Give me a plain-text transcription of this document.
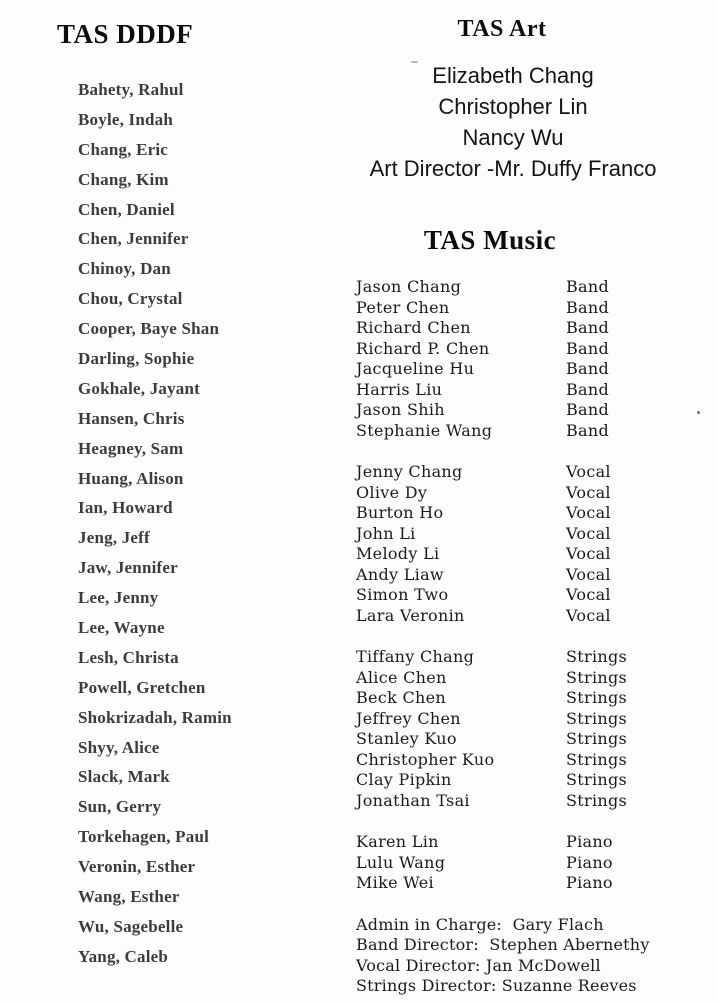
TAS DDDF
Bahety, Rahul
Boyle, Indah
Chang, Eric
Chang, Kim
Chen, Daniel
Chen, Jennifer
Chinoy, Dan
Chou, Crystal
Cooper, Baye Shan
Darling, Sophie
Gokhale, Jayant
Hansen, Chris
Heagney, Sam
Huang, Alison
Ian, Howard
Jeng, Jeff
Jaw, Jennifer
Lee, Jenny
Lee, Wayne
Lesh, Christa
Powell, Gretchen
Shokrizadah, Ramin
Shyy, Alice
Slack, Mark
Sun, Gerry
Torkehagen, Paul
Veronin, Esther
Wang, Esther
Wu, Sagebelle
Yang, Caleb
TAS Art
Elizabeth Chang
Christopher Lin
Nancy Wu
Art Director -Mr. Duffy Franco
TAS Music
Jason Chang	Band
Peter Chen	Band
Richard Chen	Band
Richard P. Chen	Band
Jacqueline Hu	Band
Harris Liu	Band
Jason Shih	Band
Stephanie Wang	Band
Jenny Chang	Vocal
Olive Dy	Vocal
Burton Ho	Vocal
John Li	Vocal
Melody Li	Vocal
Andy Liaw	Vocal
Simon Two	Vocal
Lara Veronin	Vocal
Tiffany Chang	Strings
Alice Chen	Strings
Beck Chen	Strings
Jeffrey Chen	Strings
Stanley Kuo	Strings
Christopher Kuo	Strings
Clay Pipkin	Strings
Jonathan Tsai	Strings
Karen Lin	Piano
Lulu Wang	Piano
Mike Wei	Piano
Admin in Charge:  Gary Flach
Band Director:  Stephen Abernethy
Vocal Director: Jan McDowell
Strings Director: Suzanne Reeves
